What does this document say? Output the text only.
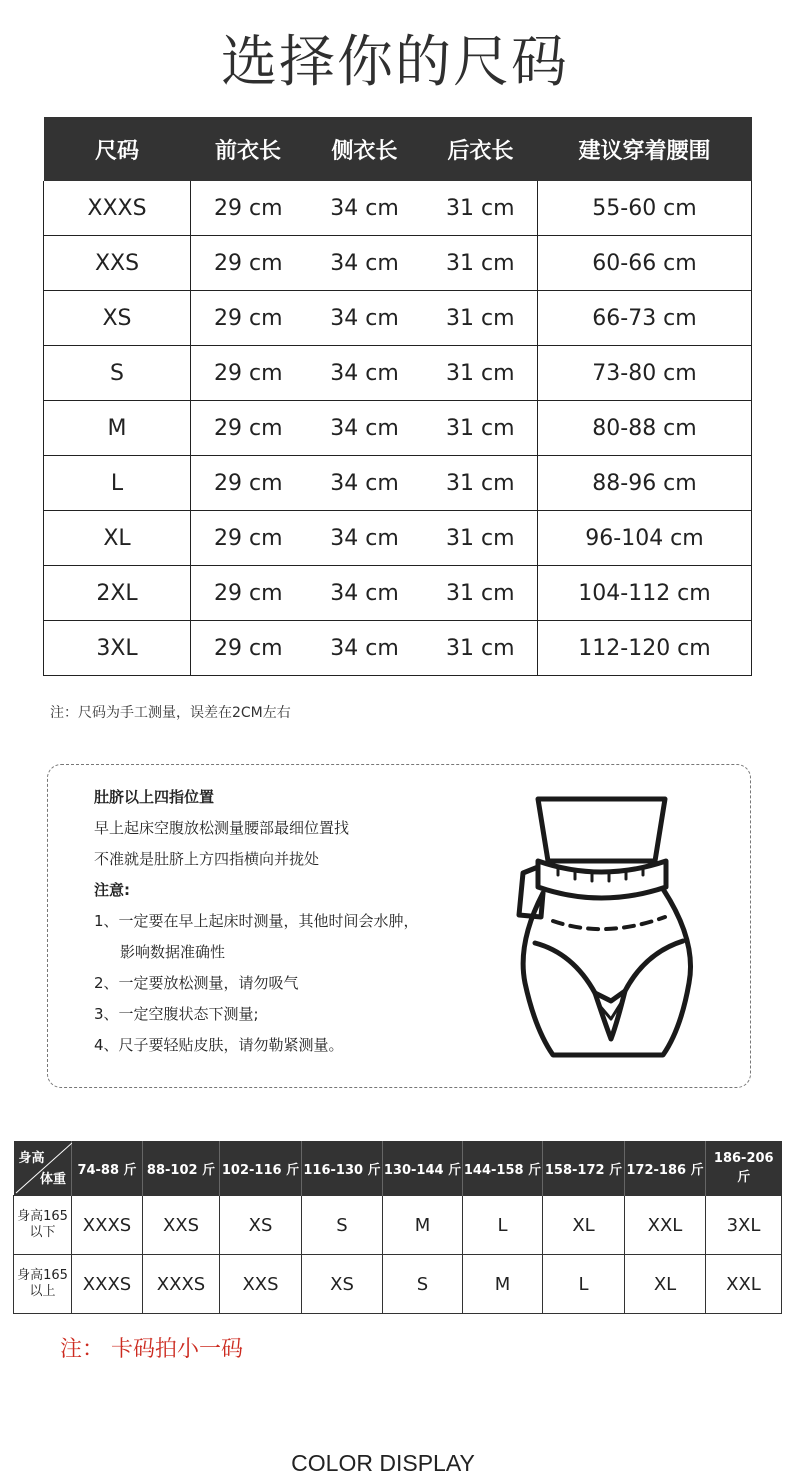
选择你的尺码
尺码	前衣长	侧衣长	后衣长	建议穿着腰围
XXXS	29 cm	34 cm	31 cm	55-60 cm
XXS	29 cm	34 cm	31 cm	60-66 cm
XS	29 cm	34 cm	31 cm	66-73 cm
S	29 cm	34 cm	31 cm	73-80 cm
M	29 cm	34 cm	31 cm	80-88 cm
L	29 cm	34 cm	31 cm	88-96 cm
XL	29 cm	34 cm	31 cm	96-104 cm
2XL	29 cm	34 cm	31 cm	104-112 cm
3XL	29 cm	34 cm	31 cm	112-120 cm
注：尺码为手工测量，误差在2CM左右
肚脐以上四指位置
早上起床空腹放松测量腰部最细位置找
不准就是肚脐上方四指横向并拢处
注意:
1、一定要在早上起床时测量，其他时间会水肿，
影响数据准确性
2、一定要放松测量，请勿吸气
3、一定空腹状态下测量;
4、尺子要轻贴皮肤，请勿勒紧测量。
身高
体重	74-88 斤	88-102 斤	102-116 斤	116-130 斤	130-144 斤	144-158 斤	158-172 斤	172-186 斤	186-206 斤

身高165
以下	XXXS	XXS	XS	S	M	L	XL	XXL	3XL

身高165
以上	XXXS	XXXS	XXS	XS	S	M	L	XL	XXL
注： 卡码拍小一码
COLOR DISPLAY
